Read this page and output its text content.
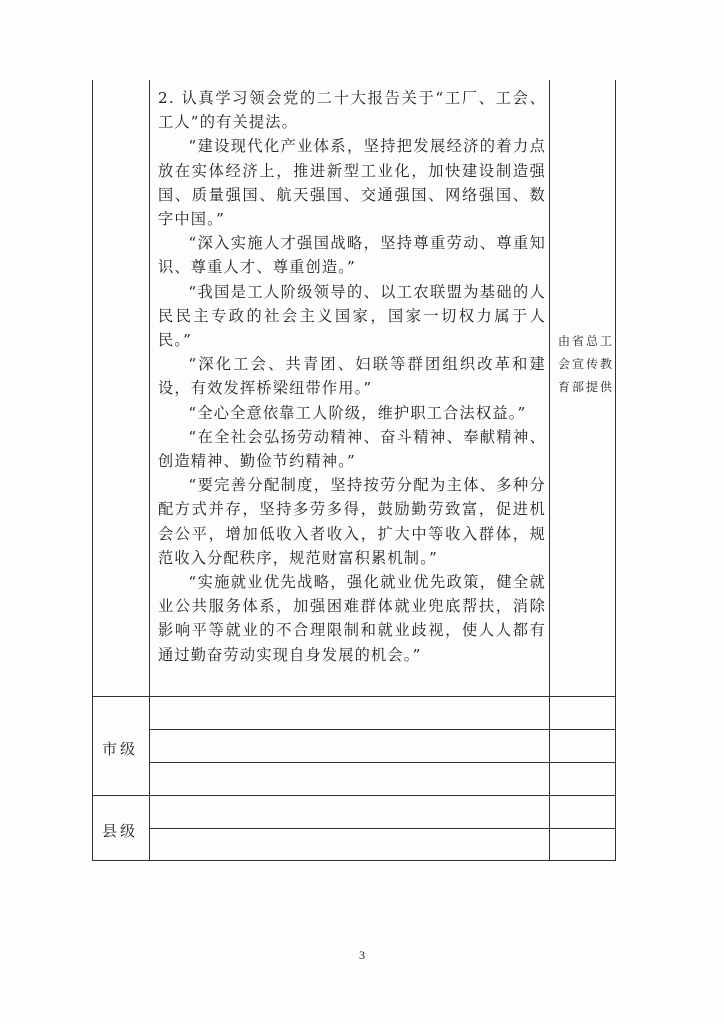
2. 认真学习领会党的二十大报告关于“工厂、工会、工人”的有关提法。

“建设现代化产业体系，坚持把发展经济的着力点放在实体经济上，推进新型工业化，加快建设制造强国、质量强国、航天强国、交通强国、网络强国、数字中国。”

“深入实施人才强国战略，坚持尊重劳动、尊重知识、尊重人才、尊重创造。”

“我国是工人阶级领导的、以工农联盟为基础的人民民主专政的社会主义国家，国家一切权力属于人民。”

“深化工会、共青团、妇联等群团组织改革和建设，有效发挥桥梁纽带作用。”

“全心全意依靠工人阶级，维护职工合法权益。”

“在全社会弘扬劳动精神、奋斗精神、奉献精神、创造精神、勤俭节约精神。”

“要完善分配制度，坚持按劳分配为主体、多种分配方式并存，坚持多劳多得，鼓励勤劳致富，促进机会公平，增加低收入者收入，扩大中等收入群体，规范收入分配秩序，规范财富积累机制。”

“实施就业优先战略，强化就业优先政策，健全就业公共服务体系，加强困难群体就业兜底帮扶，消除影响平等就业的不合理限制和就业歧视，使人人都有通过勤奋劳动实现自身发展的机会。”

由省总工会宣传教育部提供
市级
县级
3
